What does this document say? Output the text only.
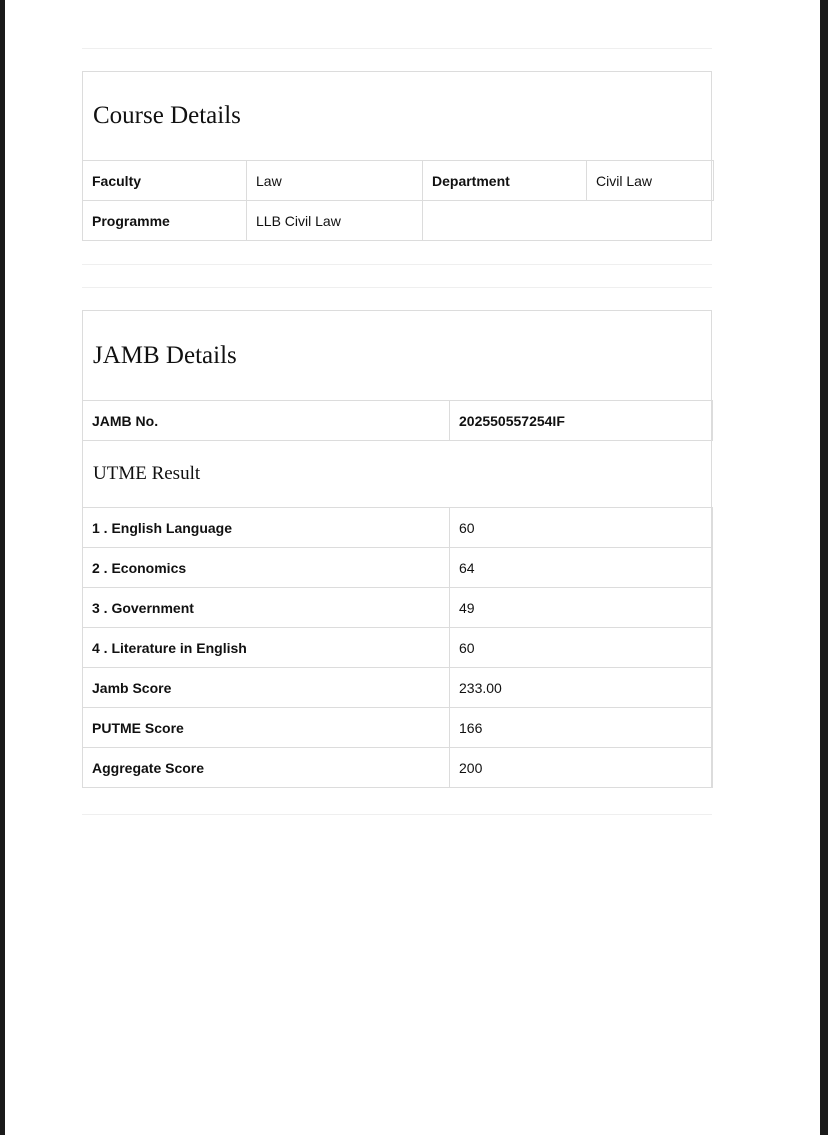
Course Details
Faculty	Law	Department	Civil Law
Programme	LLB Civil Law		
JAMB Details
JAMB No.	202550557254IF
UTME Result
1 . English Language	60
2 . Economics	64
3 . Government	49
4 . Literature in English	60
Jamb Score	233.00
PUTME Score	166
Aggregate Score	200
